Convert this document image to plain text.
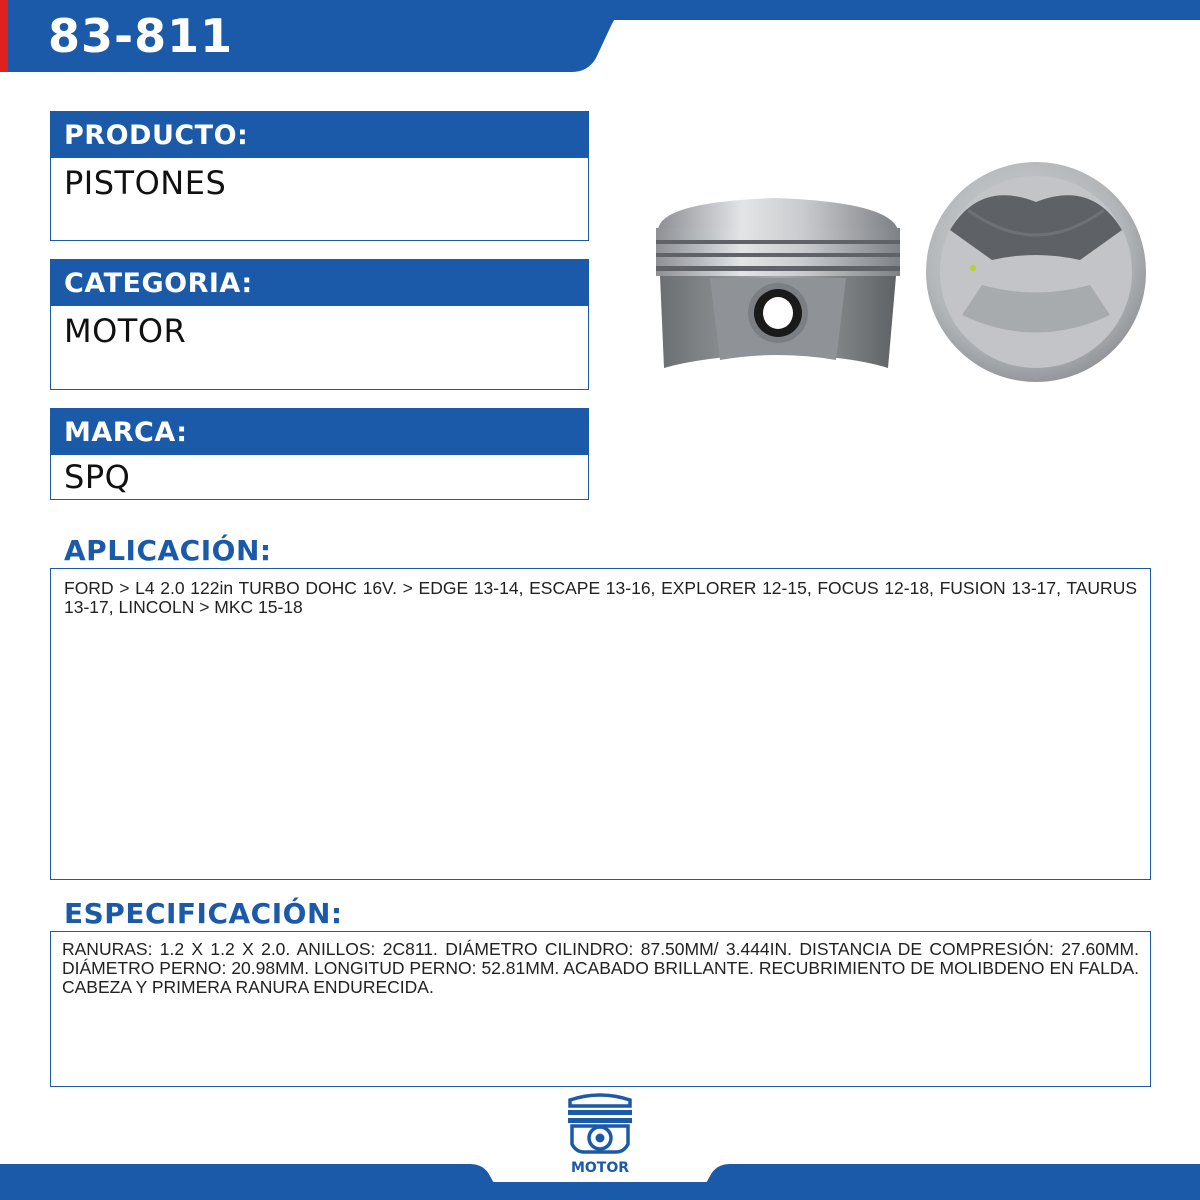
83-811
PRODUCTO:
PISTONES
CATEGORIA:
MOTOR
MARCA:
SPQ
APLICACIÓN:
FORD > L4 2.0 122in TURBO DOHC 16V. > EDGE 13-14, ESCAPE 13-16, EXPLORER 12-15, FOCUS 12-18, FUSION 13-17, TAURUS 13-17, LINCOLN > MKC 15-18
ESPECIFICACIÓN:
RANURAS: 1.2 X 1.2 X 2.0. ANILLOS: 2C811. DIÁMETRO CILINDRO: 87.50MM/ 3.444IN. DISTANCIA DE COMPRESIÓN: 27.60MM. DIÁMETRO PERNO: 20.98MM. LONGITUD PERNO: 52.81MM. ACABADO BRILLANTE. RECUBRIMIENTO DE MOLIBDENO EN FALDA. CABEZA Y PRIMERA RANURA ENDURECIDA.
MOTOR
